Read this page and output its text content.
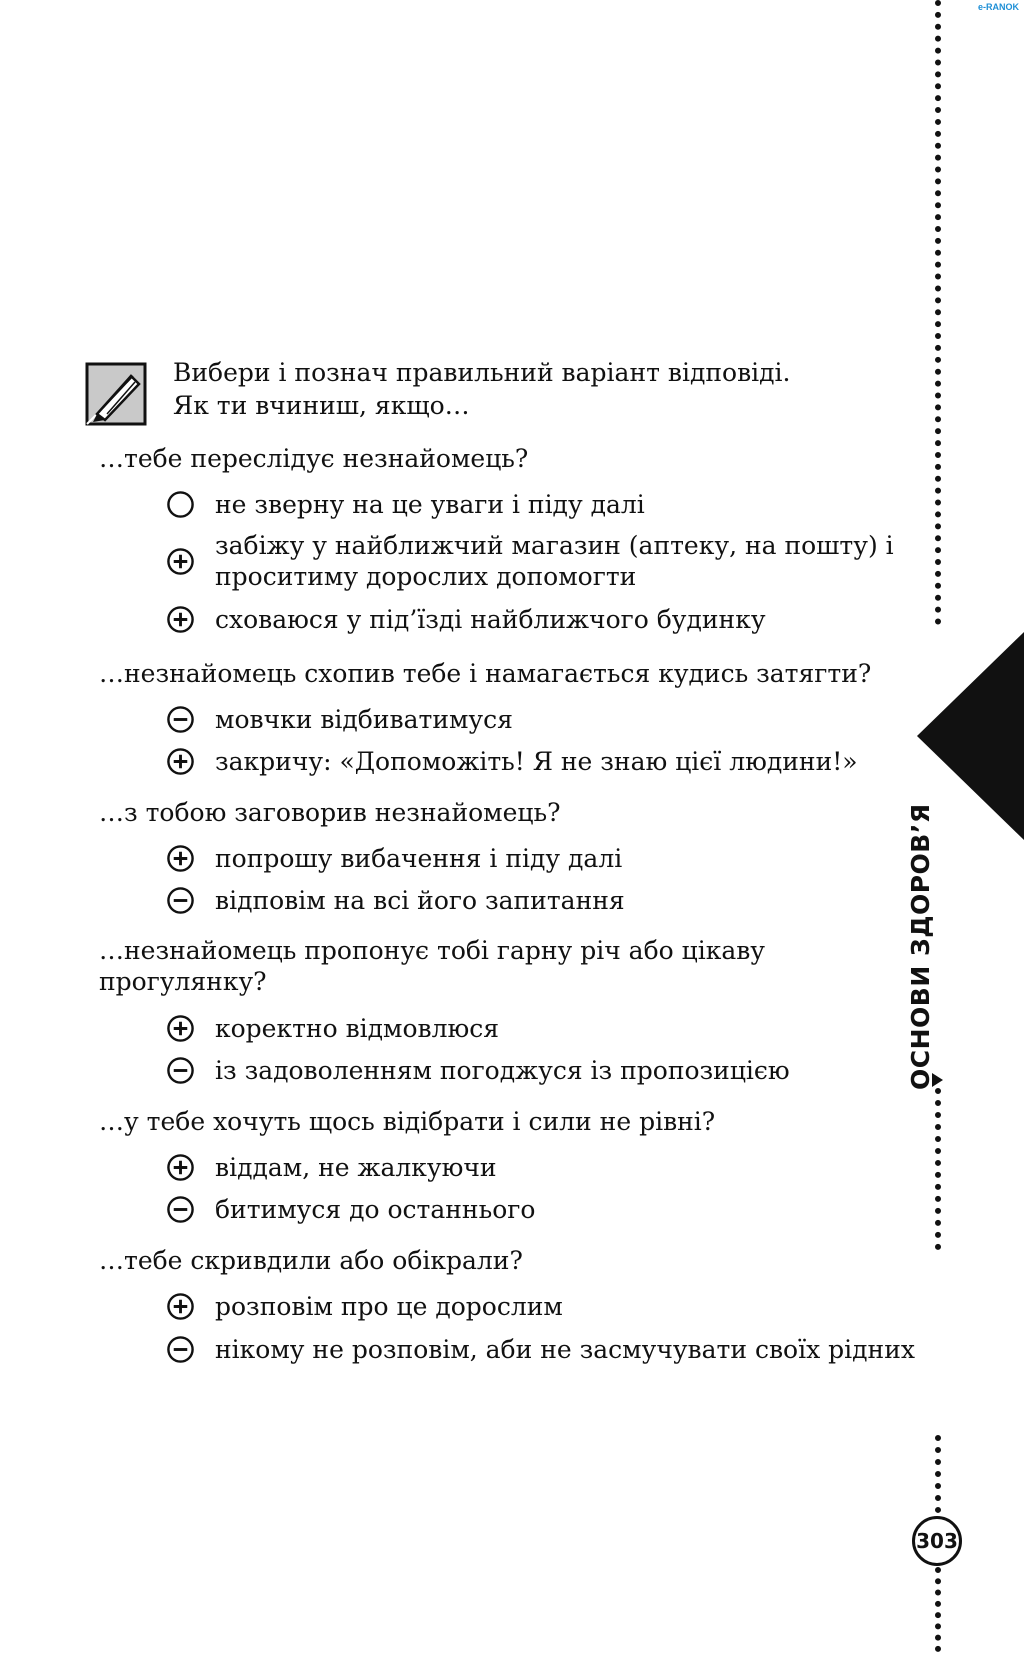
e-RANOK
ОСНОВИ ЗДОРОВ’Я
303
Вибери і познач правильний варіант відповіді.
Як ти вчиниш, якщо…
…тебе переслідує незнайомець?
не зверну на це уваги і піду далі
забіжу у найближчий магазин (аптеку, на пошту) і проситиму дорослих допомогти
сховаюся у під’їзді найближчого будинку
…незнайомець схопив тебе і намагається кудись затягти?
мовчки відбиватимуся
закричу: «Допоможіть! Я не знаю цієї людини!»
…з тобою заговорив незнайомець?
попрошу вибачення і піду далі
відповім на всі його запитання
…незнайомець пропонує тобі гарну річ або цікаву прогулянку?
коректно відмовлюся
із задоволенням погоджуся із пропозицією
…у тебе хочуть щось відібрати і сили не рівні?
віддам, не жалкуючи
битимуся до останнього
…тебе скривдили або обікрали?
розповім про це дорослим
нікому не розповім, аби не засмучувати своїх рідних
